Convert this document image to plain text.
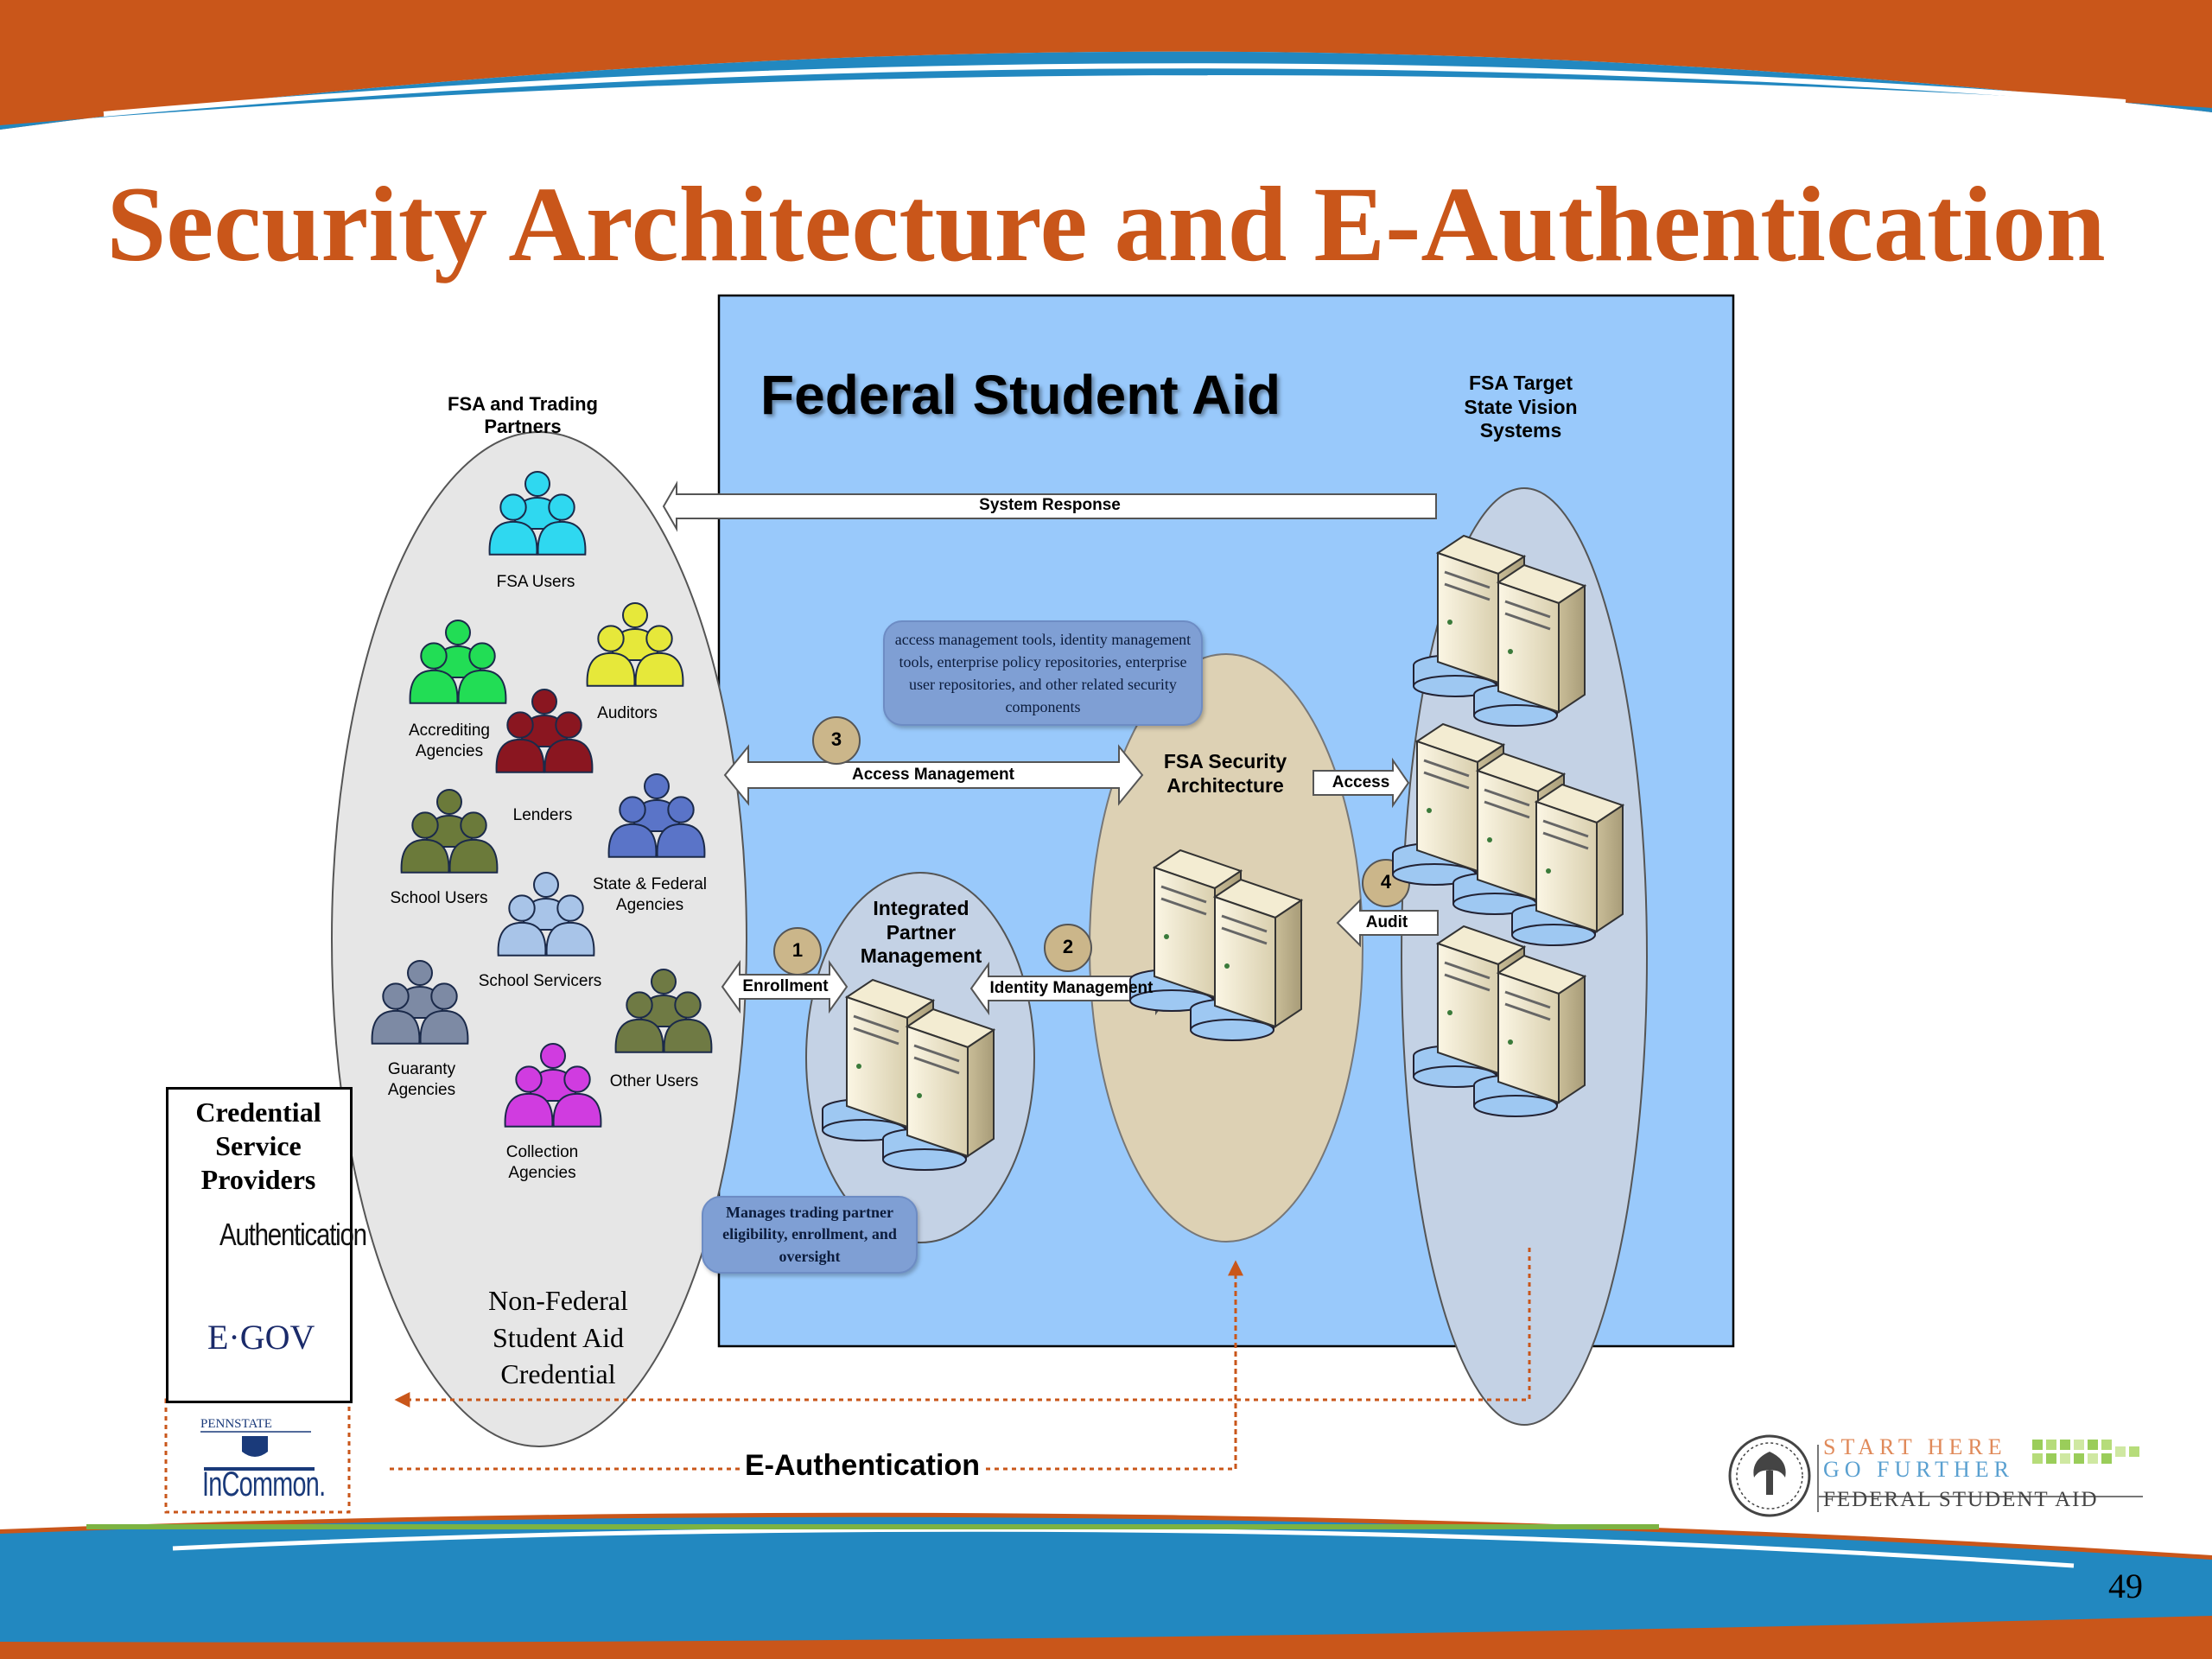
Security Architecture and E-Authentication
Federal Student Aid
FSA and Trading Partners
FSA Target State Vision Systems
FSA Security Architecture
Integrated Partner Management
System Response
Access Management	Access
Audit
Enrollment	Identity Management
3
1	2
4
access management tools, identity management tools, enterprise policy repositories, enterprise user repositories, and other related security components
Manages trading partner eligibility, enrollment, and oversight
FSA Users
Accrediting Agencies
Auditors
Lenders
School Users
State & Federal Agencies
School Servicers
Guaranty Agencies	Other Users
Collection Agencies
Credential Service Providers
Authentication
SECURE GOVERNMENT ACCESS | ONLINE
E·GOV
PENNSTATE
InCommon.
Non-Federal Student Aid Credential
E-Authentication
START HERE
GO FURTHER
FEDERAL STUDENT AID
49
